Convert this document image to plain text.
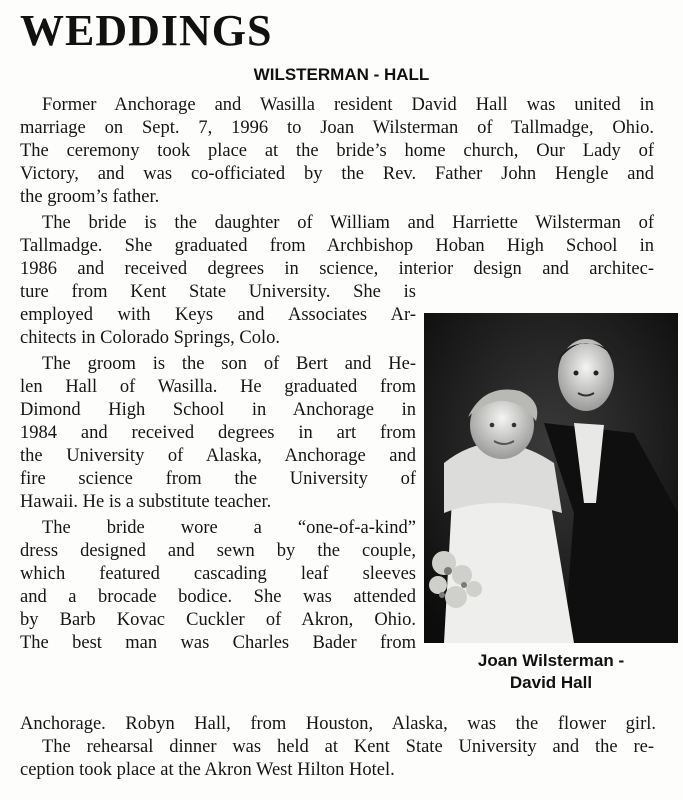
WEDDINGS
WILSTERMAN - HALL

Former Anchorage and Wasilla resident David Hall was united in

marriage on Sept. 7, 1996 to Joan Wilsterman of Tallmadge, Ohio.

The ceremony took place at the bride’s home church, Our Lady of

Victory, and was co-officiated by the Rev. Father John Hengle and

the groom’s father.

The bride is the daughter of William and Harriette Wilsterman of

Tallmadge. She graduated from Archbishop Hoban High School in

1986 and received degrees in science, interior design and architec-

ture from Kent State University. She is

employed with Keys and Associates Ar-

chitects in Colorado Springs, Colo.

The groom is the son of Bert and He-

len Hall of Wasilla. He graduated from

Dimond High School in Anchorage in

1984 and received degrees in art from

the University of Alaska, Anchorage and

fire science from the University of

Hawaii. He is a substitute teacher.

The bride wore a “one-of-a-kind”

dress designed and sewn by the couple,

which featured cascading leaf sleeves

and a brocade bodice. She was attended

by Barb Kovac Cuckler of Akron, Ohio.

The best man was Charles Bader from

Anchorage. Robyn Hall, from Houston, Alaska, was the flower girl.

The rehearsal dinner was held at Kent State University and the re-

ception took place at the Akron West Hilton Hotel.

Joan Wilsterman -
David Hall
